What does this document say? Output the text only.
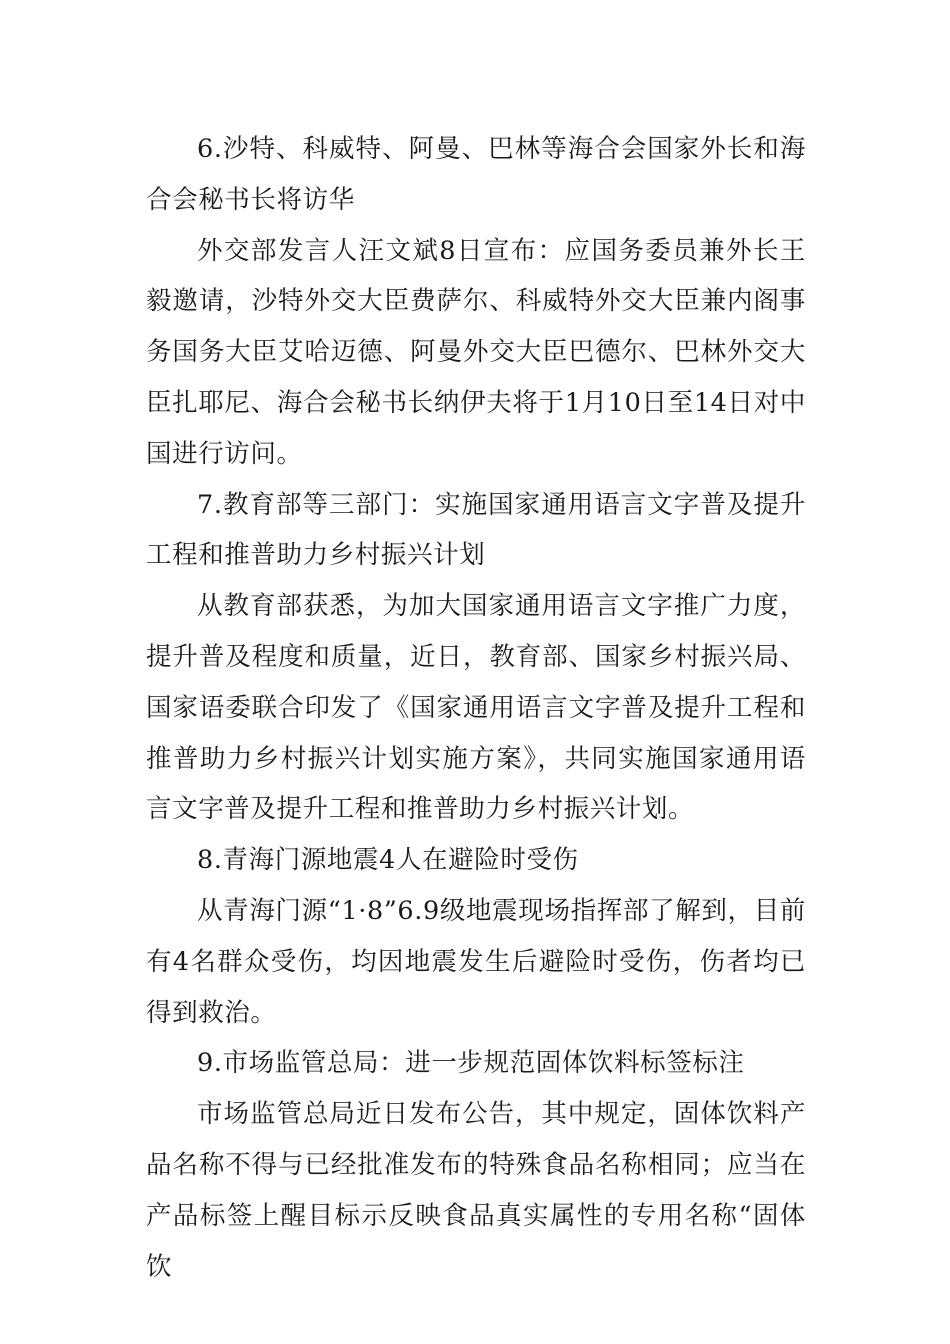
6.沙特、科威特、阿曼、巴林等海合会国家外长和海合会秘书长将访华

外交部发言人汪文斌8日宣布：应国务委员兼外长王毅邀请，沙特外交大臣费萨尔、科威特外交大臣兼内阁事务国务大臣艾哈迈德、阿曼外交大臣巴德尔、巴林外交大臣扎耶尼、海合会秘书长纳伊夫将于1月10日至14日对中国进行访问。

7.教育部等三部门：实施国家通用语言文字普及提升工程和推普助力乡村振兴计划

从教育部获悉，为加大国家通用语言文字推广力度，提升普及程度和质量，近日，教育部、国家乡村振兴局、国家语委联合印发了《国家通用语言文字普及提升工程和推普助力乡村振兴计划实施方案》，共同实施国家通用语言文字普及提升工程和推普助力乡村振兴计划。

8.青海门源地震4人在避险时受伤

从青海门源“1·8”6.9级地震现场指挥部了解到，目前有4名群众受伤，均因地震发生后避险时受伤，伤者均已得到救治。

9.市场监管总局：进一步规范固体饮料标签标注

市场监管总局近日发布公告，其中规定，固体饮料产品名称不得与已经批准发布的特殊食品名称相同；应当在产品标签上醒目标示反映食品真实属性的专用名称“固体饮
